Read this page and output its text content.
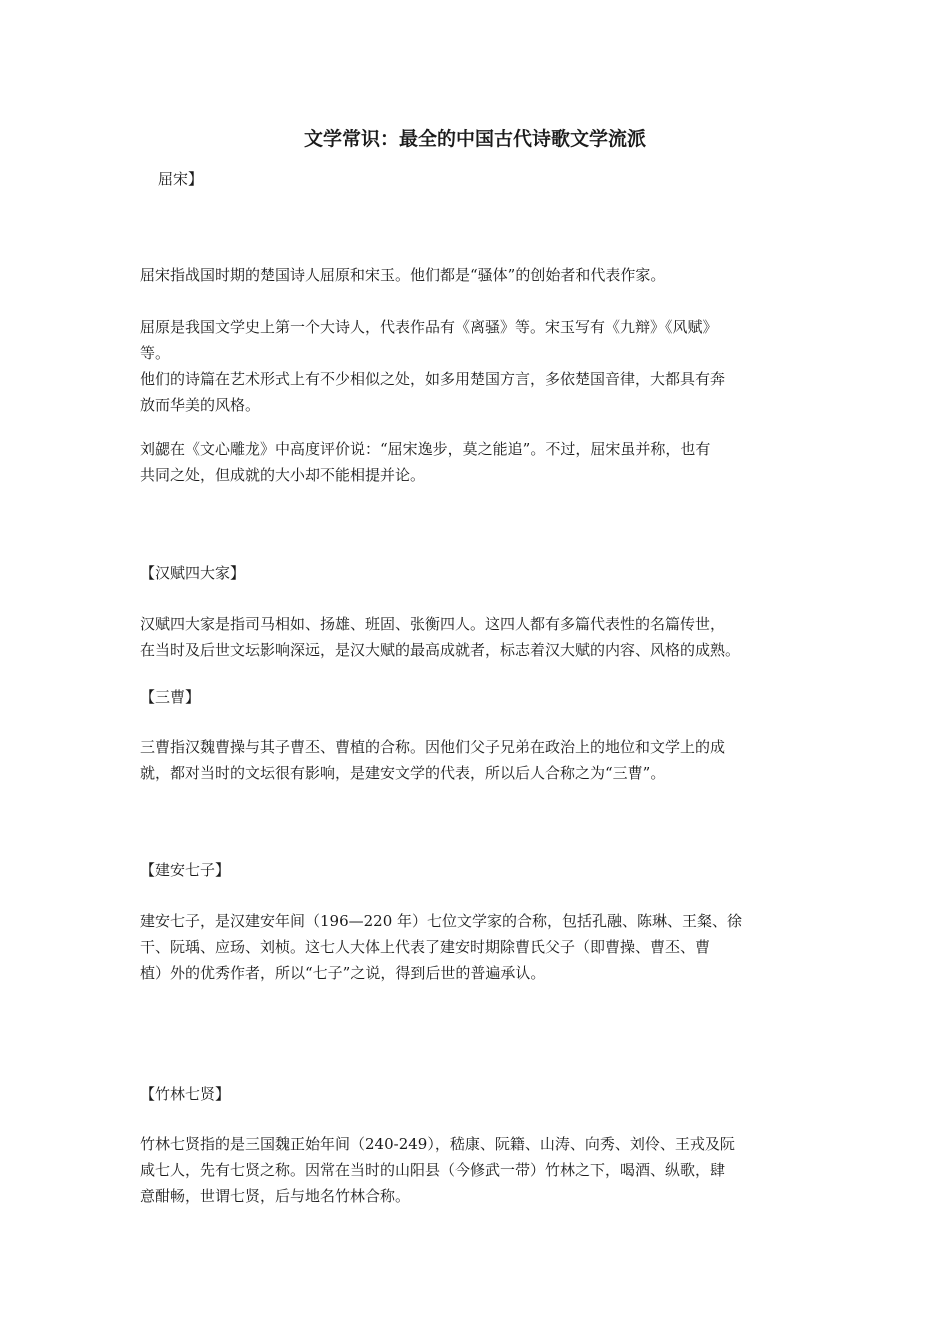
文学常识：最全的中国古代诗歌文学流派

屈宋】

屈宋指战国时期的楚国诗人屈原和宋玉。他们都是“骚体”的创始者和代表作家。

屈原是我国文学史上第一个大诗人，代表作品有《离骚》等。宋玉写有《九辩》《风赋》
等。
他们的诗篇在艺术形式上有不少相似之处，如多用楚国方言，多依楚国音律，大都具有奔
放而华美的风格。

刘勰在《文心雕龙》中高度评价说：“屈宋逸步，莫之能追”。不过，屈宋虽并称，也有
共同之处，但成就的大小却不能相提并论。

【汉赋四大家】

汉赋四大家是指司马相如、扬雄、班固、张衡四人。这四人都有多篇代表性的名篇传世，
在当时及后世文坛影响深远，是汉大赋的最高成就者，标志着汉大赋的内容、风格的成熟。

【三曹】

三曹指汉魏曹操与其子曹丕、曹植的合称。因他们父子兄弟在政治上的地位和文学上的成
就，都对当时的文坛很有影响，是建安文学的代表，所以后人合称之为“三曹”。

【建安七子】

建安七子，是汉建安年间（196—220 年）七位文学家的合称，包括孔融、陈琳、王粲、徐
干、阮瑀、应玚、刘桢。这七人大体上代表了建安时期除曹氏父子（即曹操、曹丕、曹
植）外的优秀作者，所以“七子”之说，得到后世的普遍承认。

【竹林七贤】

竹林七贤指的是三国魏正始年间（240-249），嵇康、阮籍、山涛、向秀、刘伶、王戎及阮
咸七人，先有七贤之称。因常在当时的山阳县（今修武一带）竹林之下，喝酒、纵歌，肆
意酣畅，世谓七贤，后与地名竹林合称。
